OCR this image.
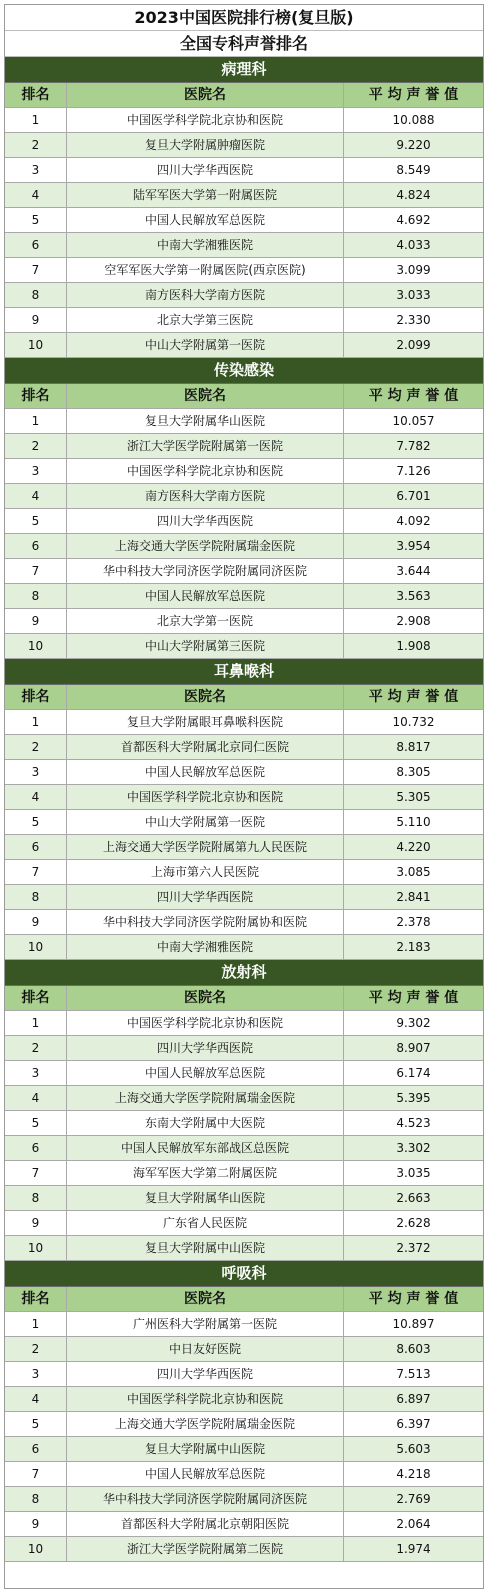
2023中国医院排行榜(复旦版)
全国专科声誉排名
病理科
排名	医院名	平 均 声 誉 值
1	中国医学科学院北京协和医院	10.088
2	复旦大学附属肿瘤医院	9.220
3	四川大学华西医院	8.549
4	陆军军医大学第一附属医院	4.824
5	中国人民解放军总医院	4.692
6	中南大学湘雅医院	4.033
7	空军军医大学第一附属医院(西京医院)	3.099
8	南方医科大学南方医院	3.033
9	北京大学第三医院	2.330
10	中山大学附属第一医院	2.099
传染感染
排名	医院名	平 均 声 誉 值
1	复旦大学附属华山医院	10.057
2	浙江大学医学院附属第一医院	7.782
3	中国医学科学院北京协和医院	7.126
4	南方医科大学南方医院	6.701
5	四川大学华西医院	4.092
6	上海交通大学医学院附属瑞金医院	3.954
7	华中科技大学同济医学院附属同济医院	3.644
8	中国人民解放军总医院	3.563
9	北京大学第一医院	2.908
10	中山大学附属第三医院	1.908
耳鼻喉科
排名	医院名	平 均 声 誉 值
1	复旦大学附属眼耳鼻喉科医院	10.732
2	首都医科大学附属北京同仁医院	8.817
3	中国人民解放军总医院	8.305
4	中国医学科学院北京协和医院	5.305
5	中山大学附属第一医院	5.110
6	上海交通大学医学院附属第九人民医院	4.220
7	上海市第六人民医院	3.085
8	四川大学华西医院	2.841
9	华中科技大学同济医学院附属协和医院	2.378
10	中南大学湘雅医院	2.183
放射科
排名	医院名	平 均 声 誉 值
1	中国医学科学院北京协和医院	9.302
2	四川大学华西医院	8.907
3	中国人民解放军总医院	6.174
4	上海交通大学医学院附属瑞金医院	5.395
5	东南大学附属中大医院	4.523
6	中国人民解放军东部战区总医院	3.302
7	海军军医大学第二附属医院	3.035
8	复旦大学附属华山医院	2.663
9	广东省人民医院	2.628
10	复旦大学附属中山医院	2.372
呼吸科
排名	医院名	平 均 声 誉 值
1	广州医科大学附属第一医院	10.897
2	中日友好医院	8.603
3	四川大学华西医院	7.513
4	中国医学科学院北京协和医院	6.897
5	上海交通大学医学院附属瑞金医院	6.397
6	复旦大学附属中山医院	5.603
7	中国人民解放军总医院	4.218
8	华中科技大学同济医学院附属同济医院	2.769
9	首都医科大学附属北京朝阳医院	2.064
10	浙江大学医学院附属第二医院	1.974
